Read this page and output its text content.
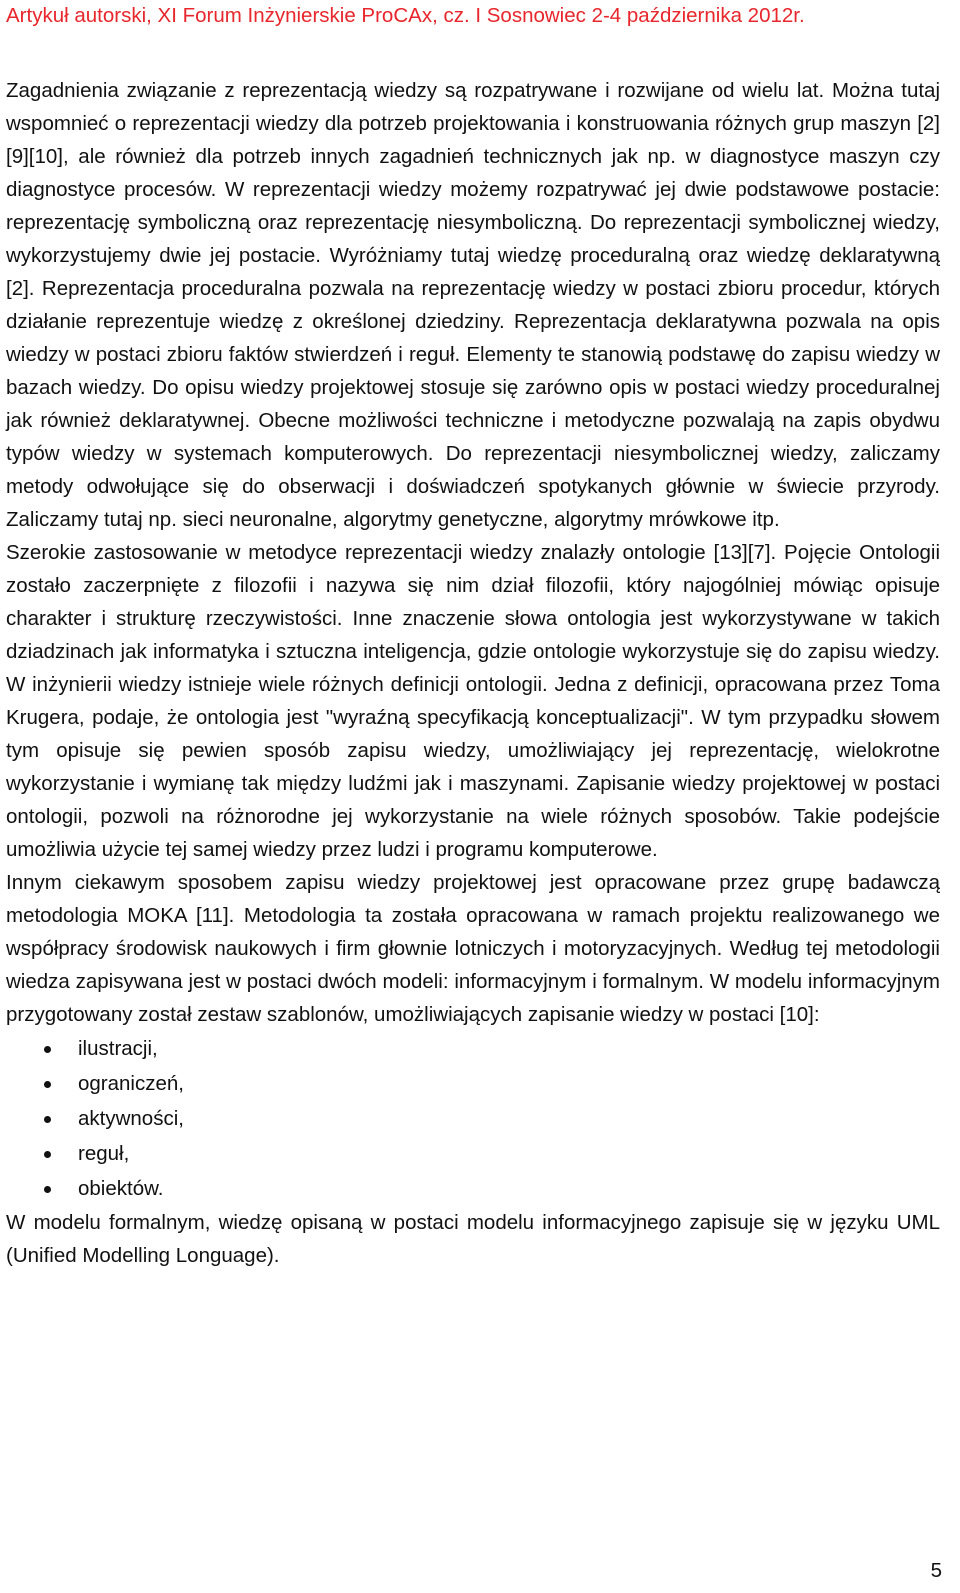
Artykuł autorski, XI Forum Inżynierskie ProCAx, cz. I Sosnowiec 2-4 października 2012r.

Zagadnienia związanie z reprezentacją wiedzy są rozpatrywane i rozwijane od wielu lat. Można tutaj wspomnieć o reprezentacji wiedzy dla potrzeb projektowania i konstruowania różnych grup maszyn [2][9][10], ale również dla potrzeb innych zagadnień technicznych jak np. w diagnostyce maszyn czy diagnostyce procesów. W reprezentacji wiedzy możemy rozpatrywać jej dwie podstawowe postacie: reprezentację symboliczną oraz reprezentację niesymboliczną. Do reprezentacji symbolicznej wiedzy, wykorzystujemy dwie jej postacie. Wyróżniamy tutaj wiedzę proceduralną oraz wiedzę deklaratywną [2]. Reprezentacja proceduralna pozwala na reprezentację wiedzy w postaci zbioru procedur, których działanie reprezentuje wiedzę z określonej dziedziny. Reprezentacja deklaratywna pozwala na opis wiedzy w postaci zbioru faktów stwierdzeń i reguł. Elementy te stanowią podstawę do zapisu wiedzy w bazach wiedzy. Do opisu wiedzy projektowej stosuje się zarówno opis w postaci wiedzy proceduralnej jak również deklaratywnej. Obecne możliwości techniczne i metodyczne pozwalają na zapis obydwu typów wiedzy w systemach komputerowych. Do reprezentacji niesymbolicznej wiedzy, zaliczamy metody odwołujące się do obserwacji i doświadczeń spotykanych głównie w świecie przyrody. Zaliczamy tutaj np. sieci neuronalne, algorytmy genetyczne, algorytmy mrówkowe itp.

Szerokie zastosowanie w metodyce reprezentacji wiedzy znalazły ontologie [13][7]. Pojęcie Ontologii zostało zaczerpnięte z filozofii i nazywa się nim dział filozofii, który najogólniej mówiąc opisuje charakter i strukturę rzeczywistości. Inne znaczenie słowa ontologia jest wykorzystywane w takich dziadzinach jak informatyka i sztuczna inteligencja, gdzie ontologie wykorzystuje się do zapisu wiedzy. W inżynierii wiedzy istnieje wiele różnych definicji ontologii. Jedna z definicji, opracowana przez Toma Krugera, podaje, że ontologia jest "wyraźną specyfikacją konceptualizacji". W tym przypadku słowem tym opisuje się pewien sposób zapisu wiedzy, umożliwiający jej reprezentację, wielokrotne wykorzystanie i wymianę tak między ludźmi jak i maszynami. Zapisanie wiedzy projektowej w postaci ontologii, pozwoli na różnorodne jej wykorzystanie na wiele różnych sposobów. Takie podejście umożliwia użycie tej samej wiedzy przez ludzi i programu komputerowe.

Innym ciekawym sposobem zapisu wiedzy projektowej jest opracowane przez grupę badawczą metodologia MOKA [11]. Metodologia ta została opracowana w ramach projektu realizowanego we współpracy środowisk naukowych i firm głownie lotniczych i motoryzacyjnych. Według tej metodologii wiedza zapisywana jest w postaci dwóch modeli: informacyjnym i formalnym. W modelu informacyjnym przygotowany został zestaw szablonów, umożliwiających zapisanie wiedzy w postaci [10]:

ilustracji,
ograniczeń,
aktywności,
reguł,
obiektów.

W modelu formalnym, wiedzę opisaną w postaci modelu informacyjnego zapisuje się w języku UML (Unified Modelling Longuage).

5
